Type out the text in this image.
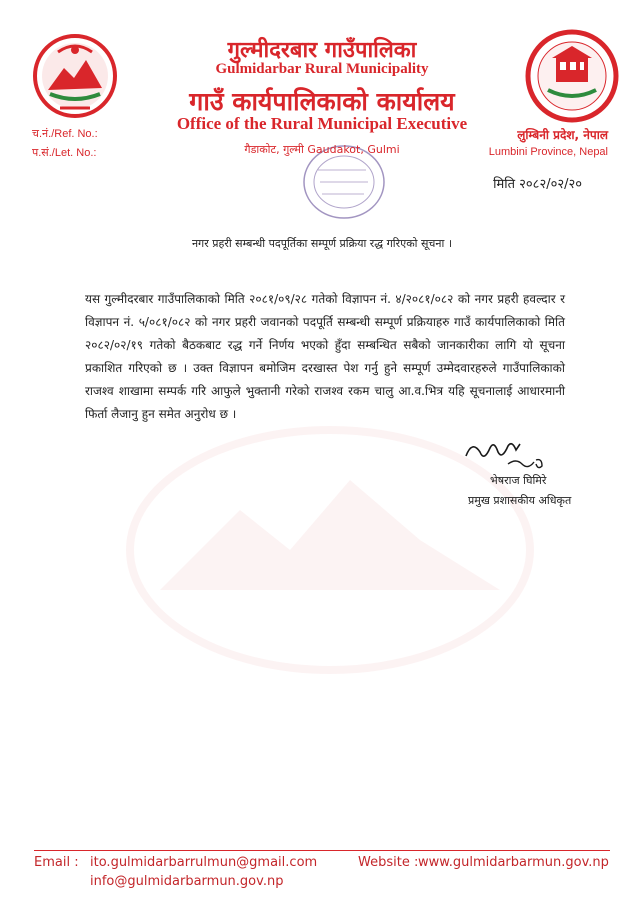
गुल्मीदरबार गाउँपालिका
Gulmidarbar Rural Municipality
गाउँ कार्यपालिकाको कार्यालय
Office of the Rural Municipal Executive
गैडाकोट, गुल्मी Gaudakot, Gulmi
च.नं./Ref. No.:
प.सं./Let. No.:
लुम्बिनी प्रदेश, नेपाल
Lumbini Province, Nepal
मिति २०८२/०२/२०
नगर प्रहरी सम्बन्धी पदपूर्तिका सम्पूर्ण प्रक्रिया रद्ध गरिएको सूचना ।
यस गुल्मीदरबार गाउँपालिकाको मिति २०८१/०९/२८ गतेको विज्ञापन नं. ४/२०८१/०८२ को नगर प्रहरी हवल्दार र विज्ञापन नं. ५/०८१/०८२ को नगर प्रहरी जवानको पदपूर्ति सम्बन्धी सम्पूर्ण प्रक्रियाहरु गाउँ कार्यपालिकाको मिति २०८२/०२/१९ गतेको बैठकबाट रद्ध गर्ने निर्णय भएको हुँदा सम्बन्धित सबैको जानकारीका लागि यो सूचना प्रकाशित गरिएको छ । उक्त विज्ञापन बमोजिम दरखास्त पेश गर्नु हुने सम्पूर्ण उम्मेदवारहरुले गाउँपालिकाको राजश्व शाखामा सम्पर्क गरि आफुले भुक्तानी गरेको राजश्व रकम चालु आ.व.भित्र यहि सूचनालाई आधारमानी फिर्ता लैजानु हुन समेत अनुरोध छ ।
भेषराज घिमिरे
प्रमुख प्रशासकीय अधिकृत
Email : ito.gulmidarbarrulmun@gmail.com
info@gulmidarbarmun.gov.np
Website : www.gulmidarbarmun.gov.np
